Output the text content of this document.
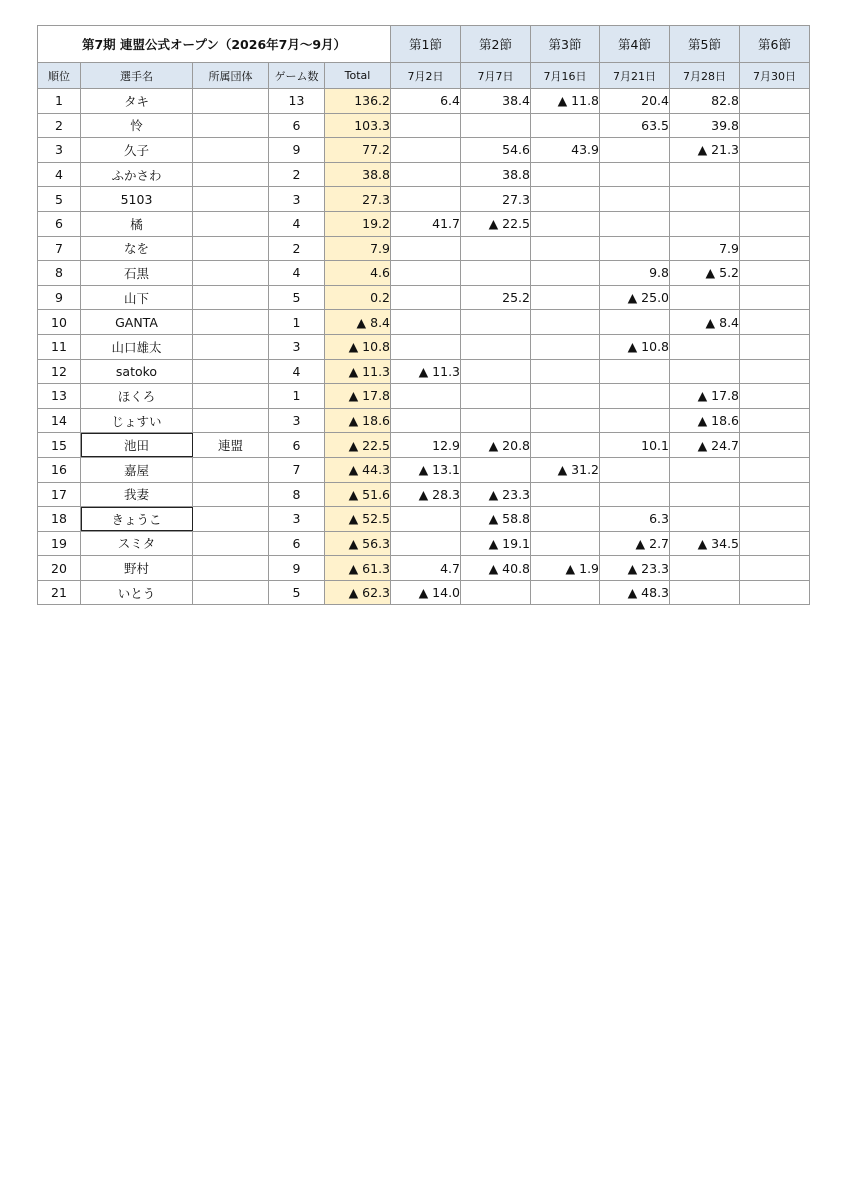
第7期 連盟公式オープン（2026年7月〜9月）					第1節	第2節	第3節	第4節	第5節	第6節
順位	選手名	所属団体	ゲーム数	Total	7月2日	7月7日	7月16日	7月21日	7月28日	7月30日
1	タキ		13	136.2	6.4	38.4	▲ 11.8	20.4	82.8	
2	怜		6	103.3				63.5	39.8	
3	久子		9	77.2		54.6	43.9		▲ 21.3	
4	ふかさわ		2	38.8		38.8				
5	5103		3	27.3		27.3				
6	橘		4	19.2	41.7	▲ 22.5				
7	なを		2	7.9					7.9	
8	石黒		4	4.6				9.8	▲ 5.2	
9	山下		5	0.2		25.2		▲ 25.0		
10	GANTA		1	▲ 8.4					▲ 8.4	
11	山口雄太		3	▲ 10.8				▲ 10.8		
12	satoko		4	▲ 11.3	▲ 11.3					
13	ほくろ		1	▲ 17.8					▲ 17.8	
14	じょすい		3	▲ 18.6					▲ 18.6	
15	池田	連盟	6	▲ 22.5	12.9	▲ 20.8		10.1	▲ 24.7	
16	嘉屋		7	▲ 44.3	▲ 13.1		▲ 31.2			
17	我妻		8	▲ 51.6	▲ 28.3	▲ 23.3				
18	きょうこ		3	▲ 52.5		▲ 58.8		6.3		
19	スミタ		6	▲ 56.3		▲ 19.1		▲ 2.7	▲ 34.5	
20	野村		9	▲ 61.3	4.7	▲ 40.8	▲ 1.9	▲ 23.3		
21	いとう		5	▲ 62.3	▲ 14.0			▲ 48.3		
